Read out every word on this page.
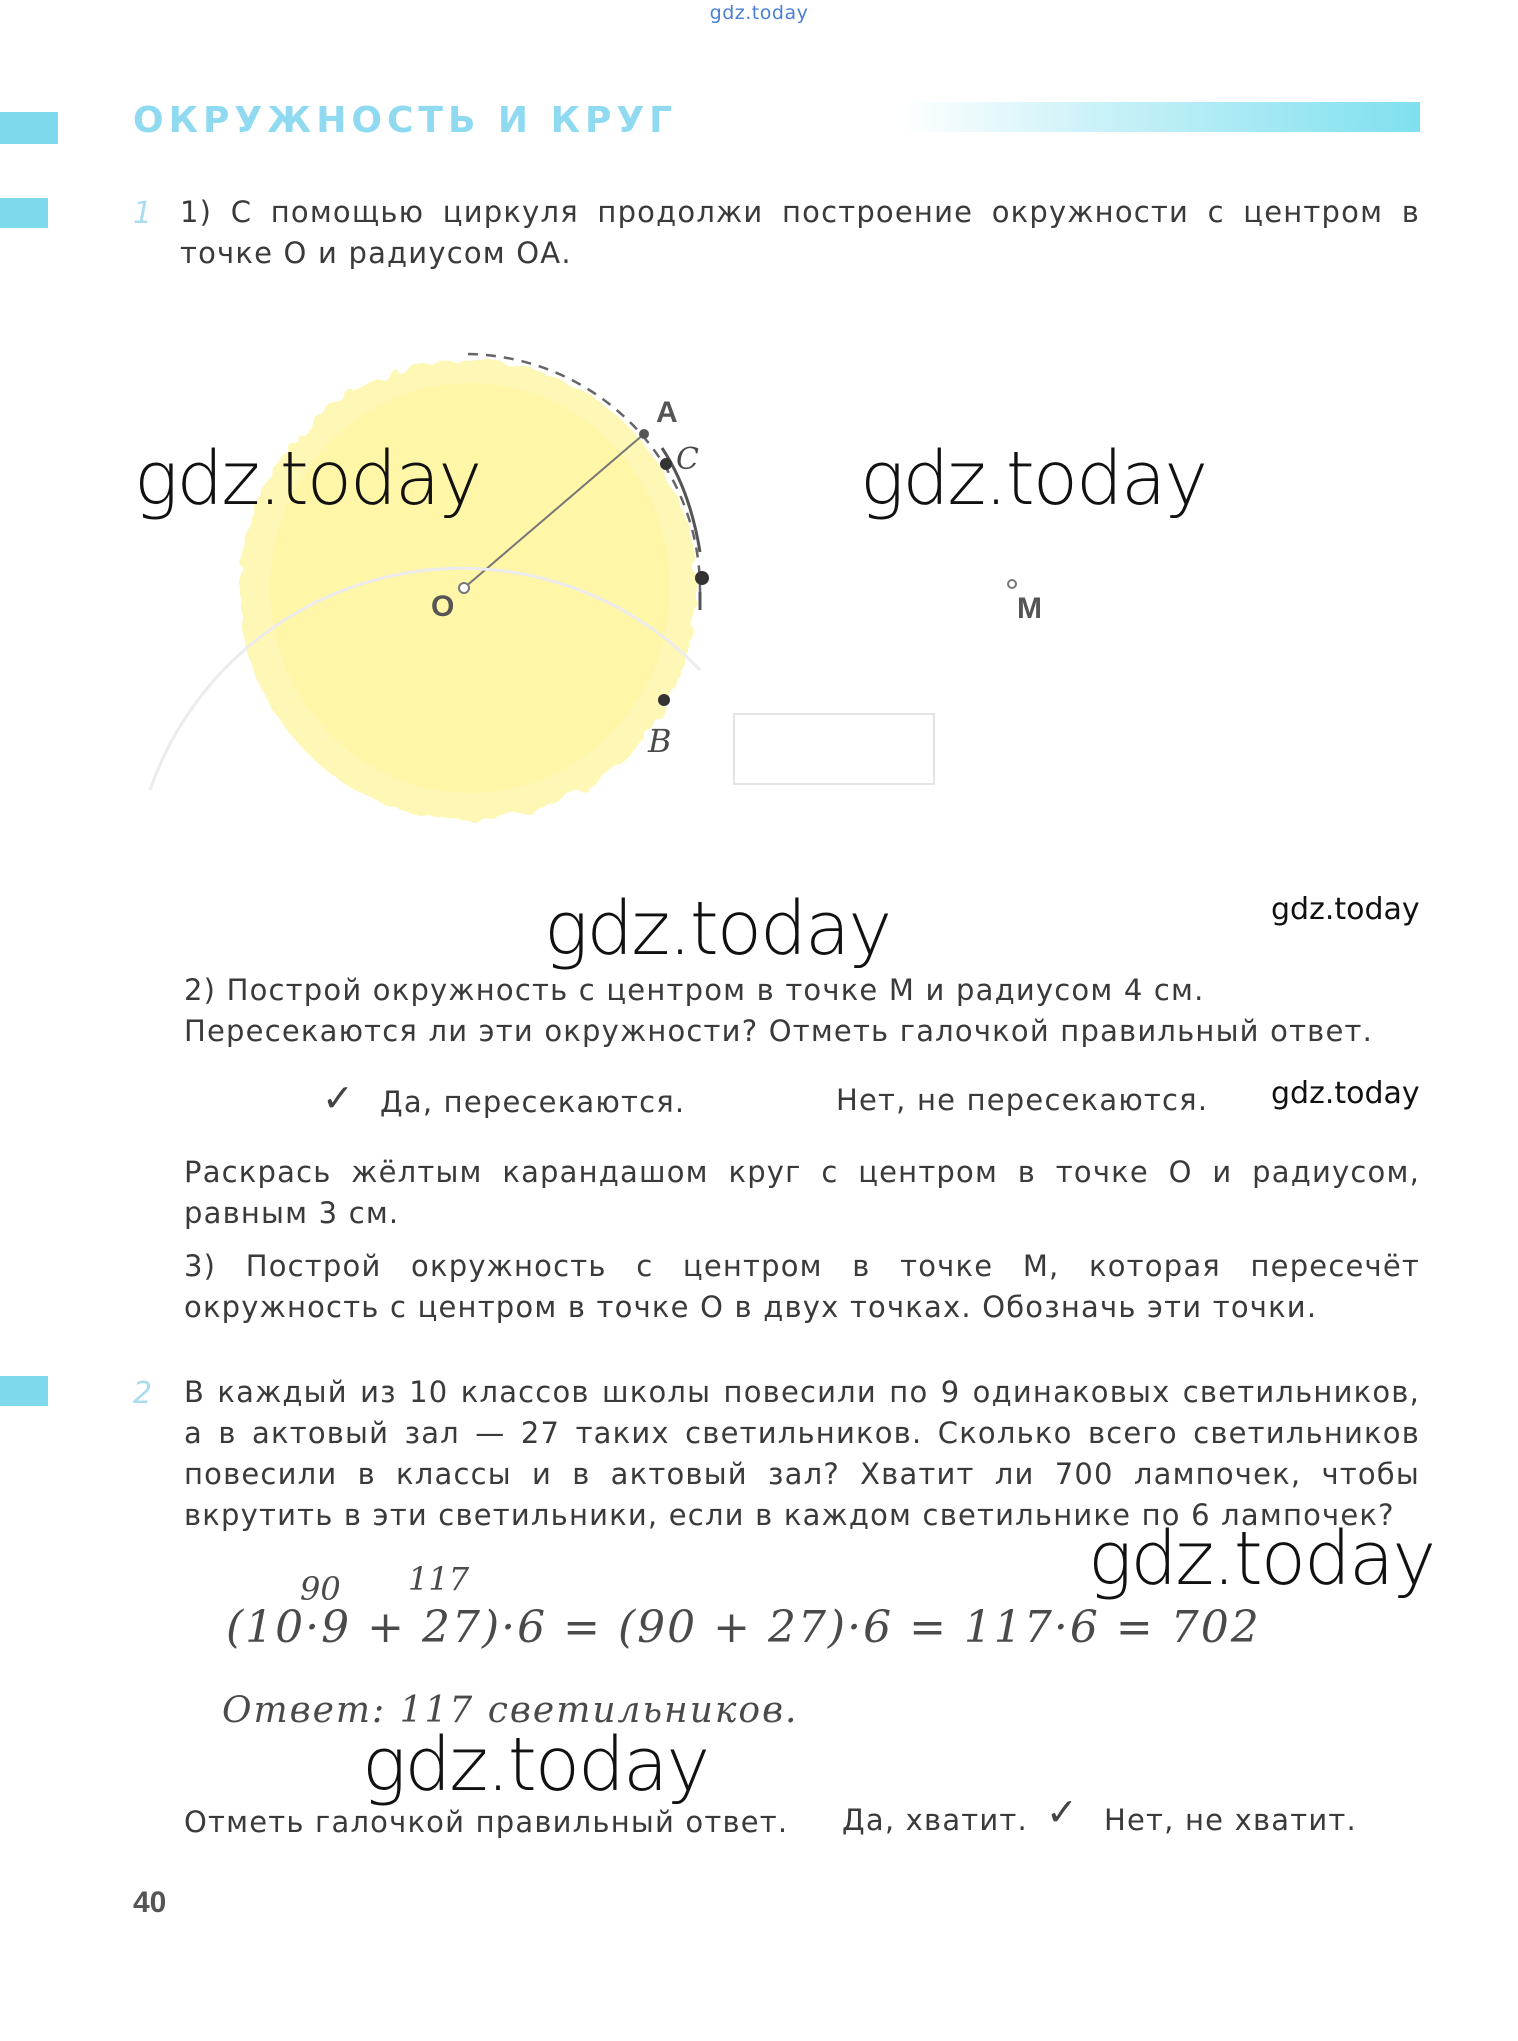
gdz.today
ОКРУЖНОСТЬ И КРУГ
1 1) С помощью циркуля продолжи построение окружности с центром в точке О и радиусом ОА.
A
C
O
B
M
gdz.today	gdz.today
gdz.today	gdz.today
2) Построй окружность с центром в точке М и радиусом 4 см. Пересекаются ли эти окружности? Отметь галочкой правильный ответ.
✓ Да, пересекаются.	Нет, не пересекаются. gdz.today
Раскрась жёлтым карандашом круг с центром в точке О и радиусом, равным 3 см.
3) Построй окружность с центром в точке М, которая пересечёт окружность с центром в точке О в двух точках. Обозначь эти точки.
2 В каждый из 10 классов школы повесили по 9 одинаковых светильников, а в актовый зал — 27 таких светильников. Сколько всего светильников повесили в классы и в актовый зал? Хватит ли 700 лампочек, чтобы вкрутить в эти светильники, если в каждом светильнике по 6 лампочек?
gdz.today
90 117
(10·9 + 27)·6 = (90 + 27)·6 = 117·6 = 702
Ответ: 117 светильников.
gdz.today
Отметь галочкой правильный ответ. Да, хватит. ✓ Нет, не хватит.
40
